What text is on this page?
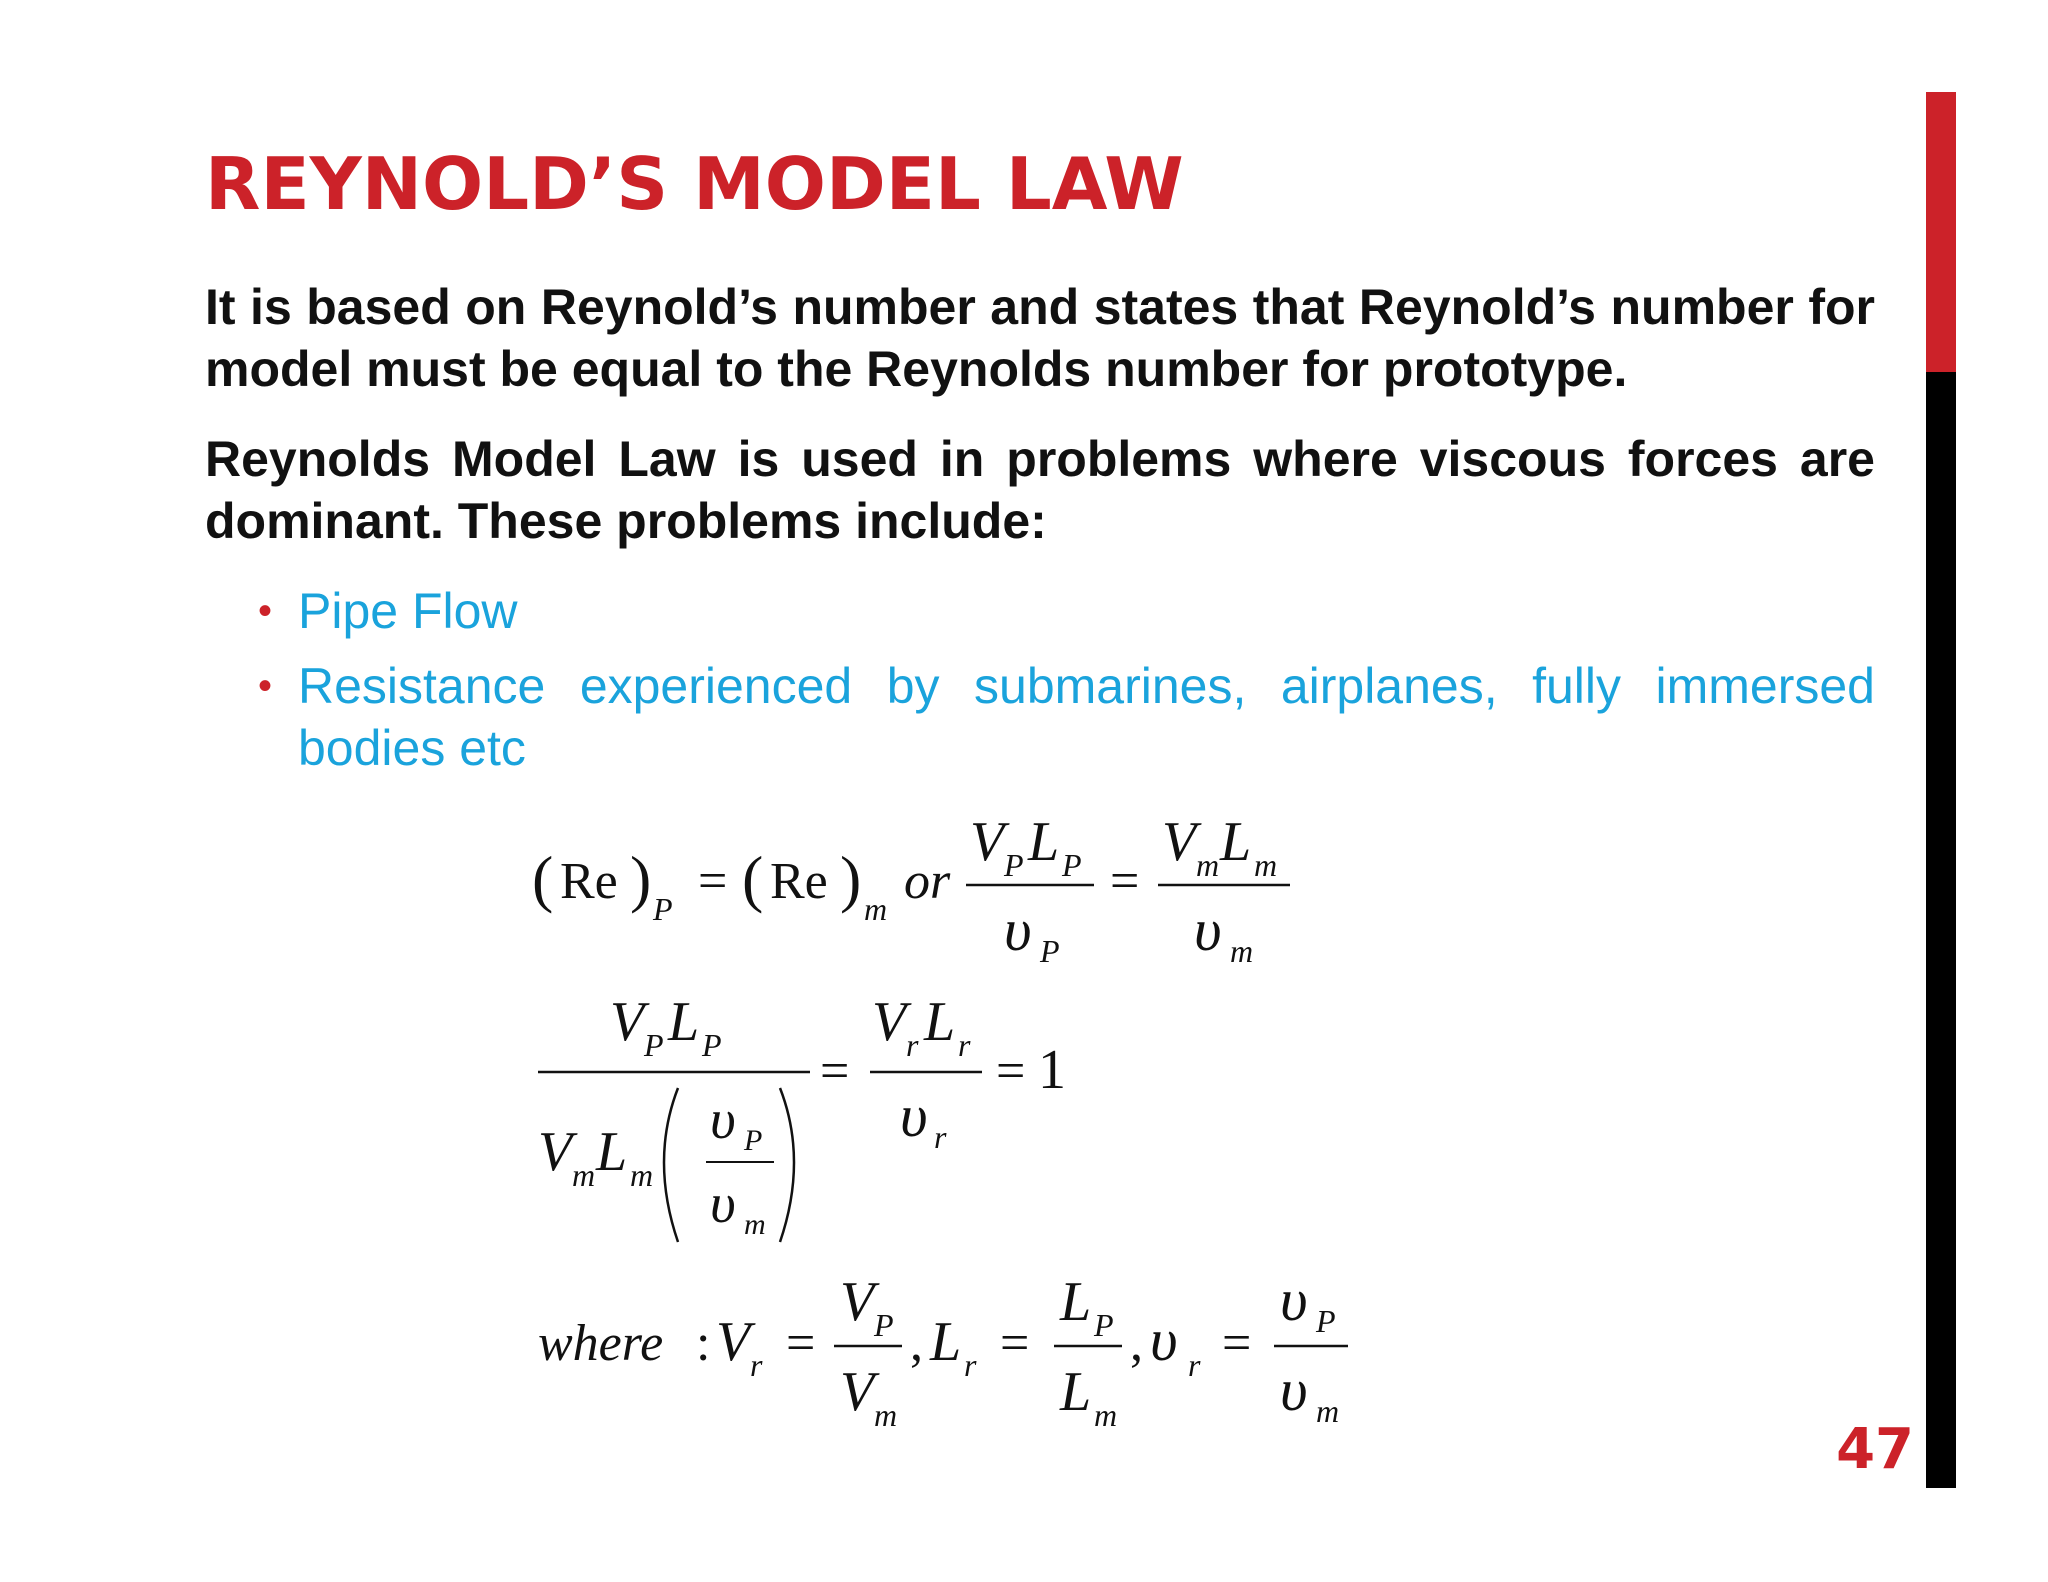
REYNOLD’S MODEL LAW
It is based on Reynold’s number and states that Reynold’s number for model must be equal to the Reynolds number for prototype.
Reynolds Model Law is used in problems where viscous forces are dominant. These problems include:
• Pipe Flow
• Resistance experienced by submarines, airplanes, fully immersed bodies etc
( Re ) P = ( Re ) m or
V P L P
υ P
=
V m L m
υ m
V P L P
V m L m
υ P
υ m
=
V r L r
υ r
= 1
where : V r =
V P
V m
, L r =
L P
L m
, υ r =
υ P
υ m
47
